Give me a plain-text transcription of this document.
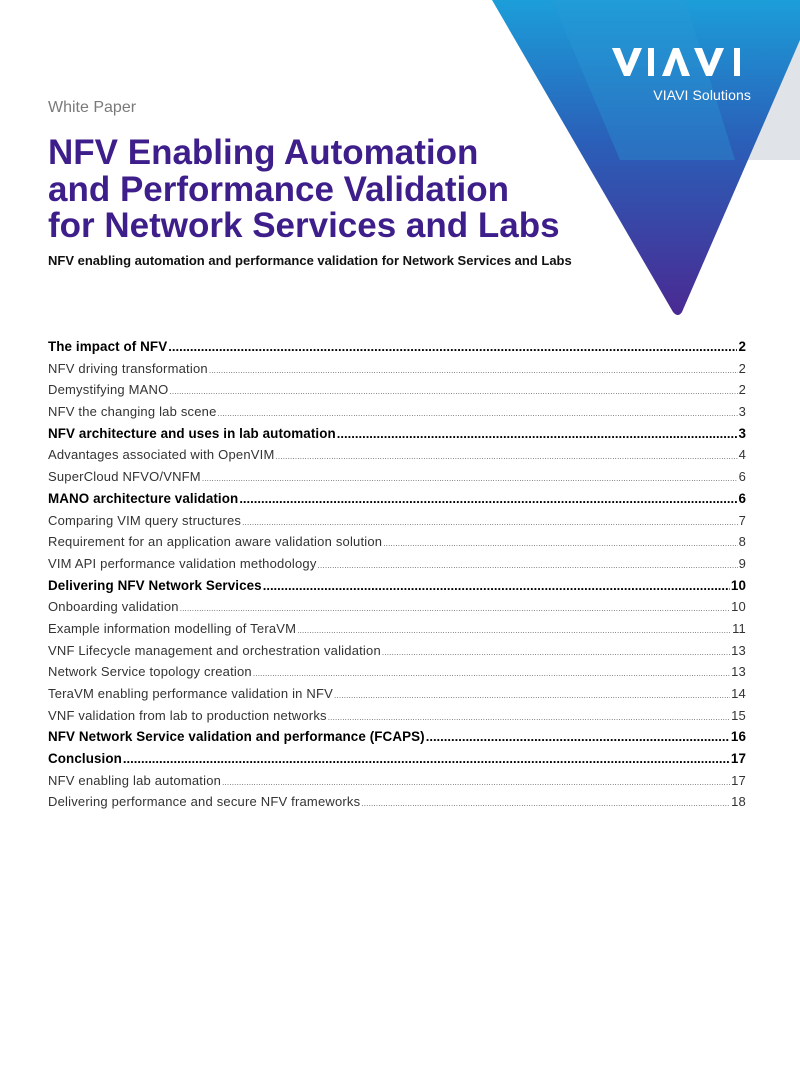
VIAVI Solutions
White Paper
NFV Enabling Automation
and Performance Validation
for Network Services and Labs
NFV enabling automation and performance validation for Network Services and Labs
The impact of NFV .....	2
NFV driving transformation .....	2
Demystifying MANO .....	2
NFV the changing lab scene .....	3
NFV architecture and uses in lab automation .....	3
Advantages associated with OpenVIM .....	4
SuperCloud NFVO/VNFM .....	6
MANO architecture validation .....	6
Comparing VIM query structures .....	7
Requirement for an application aware validation solution .....	8
VIM API performance validation methodology .....	9
Delivering NFV Network Services .....	10
Onboarding validation .....	10
Example information modelling of TeraVM .....	11
VNF Lifecycle management and orchestration validation .....	13
Network Service topology creation .....	13
TeraVM enabling performance validation in NFV .....	14
VNF validation from lab to production networks .....	15
NFV Network Service validation and performance (FCAPS) .....	16
Conclusion .....	17
NFV enabling lab automation .....	17
Delivering performance and secure NFV frameworks .....	18
